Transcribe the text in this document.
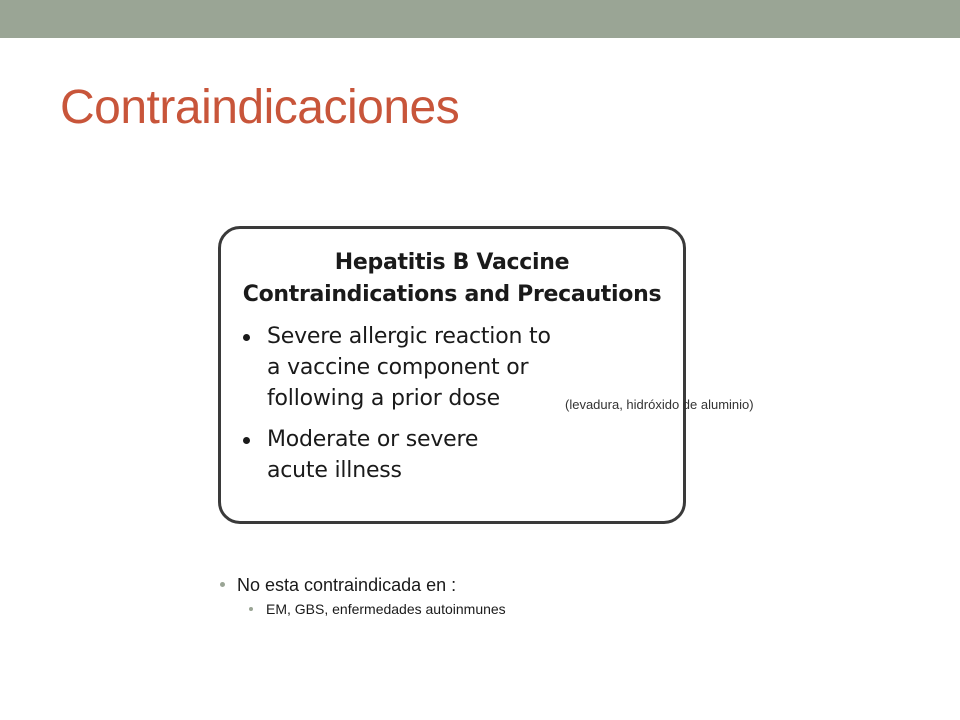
Contraindicaciones
Hepatitis B Vaccine
Contraindications and Precautions
Severe allergic reaction to
a vaccine component or
following a prior dose
Moderate or severe
acute illness
(levadura, hidróxido de aluminio)
No esta contraindicada en :
EM, GBS, enfermedades autoinmunes
